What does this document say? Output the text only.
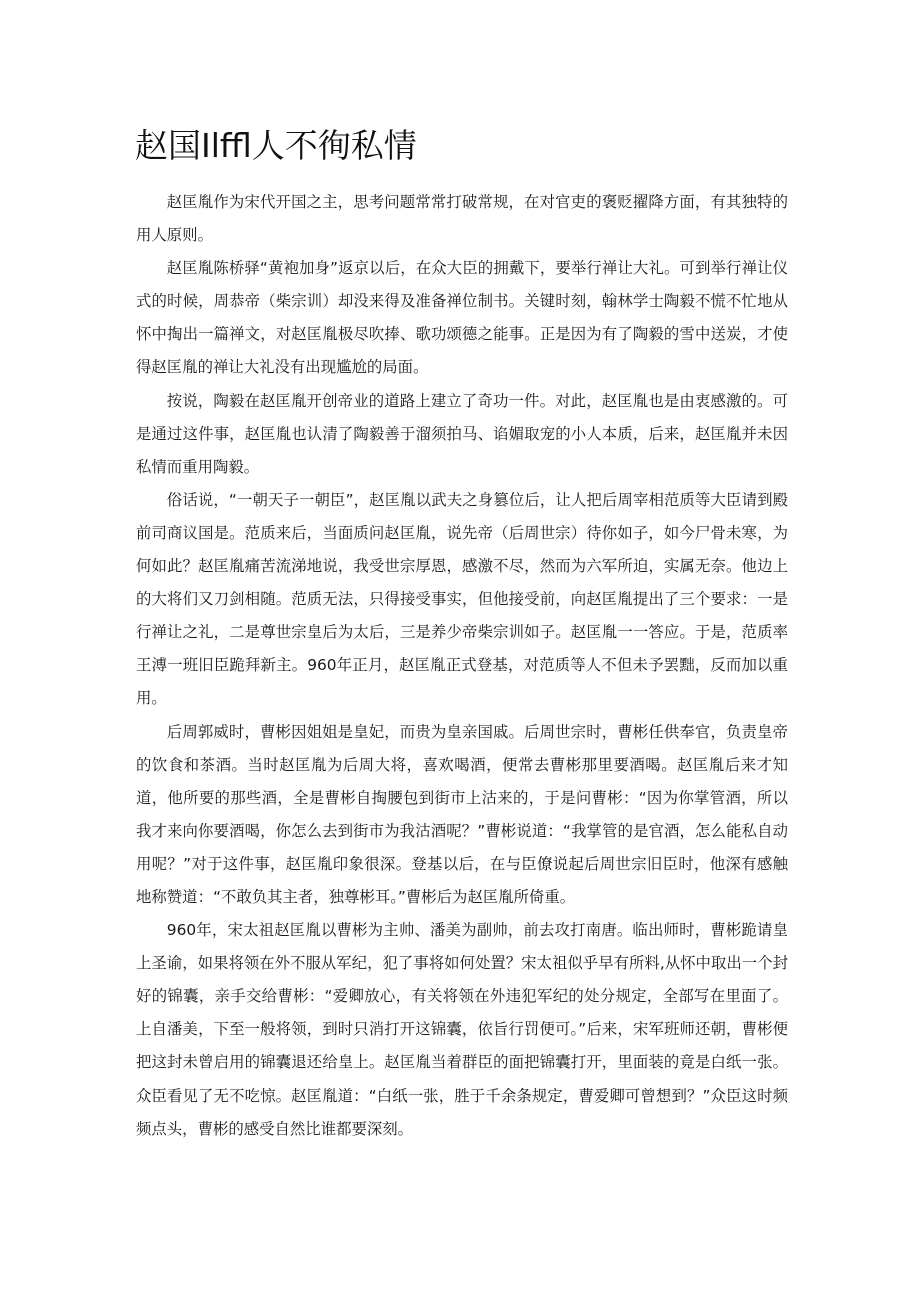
赵国Ilffl人不徇私情

赵匡胤作为宋代开国之主，思考问题常常打破常规，在对官吏的褒贬擢降方面，有其独特的用人原则。

赵匡胤陈桥驿“黄袍加身”返京以后，在众大臣的拥戴下，要举行禅让大礼。可到举行禅让仪式的时候，周恭帝（柴宗训）却没来得及准备禅位制书。关键时刻，翰林学士陶毅不慌不忙地从怀中掏出一篇禅文，对赵匡胤极尽吹捧、歌功颂德之能事。正是因为有了陶毅的雪中送炭，才使得赵匡胤的禅让大礼没有出现尴尬的局面。

按说，陶毅在赵匡胤开创帝业的道路上建立了奇功一件。对此，赵匡胤也是由衷感激的。可是通过这件事，赵匡胤也认清了陶毅善于溜须拍马、谄媚取宠的小人本质，后来，赵匡胤并未因私情而重用陶毅。

俗话说，“一朝天子一朝臣”，赵匡胤以武夫之身篡位后，让人把后周宰相范质等大臣请到殿前司商议国是。范质来后，当面质问赵匡胤，说先帝（后周世宗）待你如子，如今尸骨未寒，为何如此？赵匡胤痛苦流涕地说，我受世宗厚恩，感激不尽，然而为六军所迫，实属无奈。他边上的大将们又刀剑相随。范质无法，只得接受事实，但他接受前，向赵匡胤提出了三个要求：一是行禅让之礼，二是尊世宗皇后为太后，三是养少帝柴宗训如子。赵匡胤一一答应。于是，范质率王溥一班旧臣跪拜新主。960年正月，赵匡胤正式登基，对范质等人不但未予罢黜，反而加以重用。

后周郭威时，曹彬因姐姐是皇妃，而贵为皇亲国戚。后周世宗时，曹彬任供奉官，负责皇帝的饮食和茶酒。当时赵匡胤为后周大将，喜欢喝酒，便常去曹彬那里要酒喝。赵匡胤后来才知道，他所要的那些酒，全是曹彬自掏腰包到街市上沽来的，于是问曹彬：“因为你掌管酒，所以我才来向你要酒喝，你怎么去到街市为我沽酒呢？”曹彬说道：“我掌管的是官酒，怎么能私自动用呢？”对于这件事，赵匡胤印象很深。登基以后，在与臣僚说起后周世宗旧臣时，他深有感触地称赞道：“不敢负其主者，独尊彬耳。”曹彬后为赵匡胤所倚重。

960年，宋太祖赵匡胤以曹彬为主帅、潘美为副帅，前去攻打南唐。临出师时，曹彬跪请皇上圣谕，如果将领在外不服从军纪，犯了事将如何处置？宋太祖似乎早有所料,从怀中取出一个封好的锦囊，亲手交给曹彬：“爱卿放心，有关将领在外违犯军纪的处分规定，全部写在里面了。上自潘美，下至一般将领，到时只消打开这锦囊，依旨行罚便可。”后来，宋军班师还朝，曹彬便把这封未曾启用的锦囊退还给皇上。赵匡胤当着群臣的面把锦囊打开，里面装的竟是白纸一张。众臣看见了无不吃惊。赵匡胤道：“白纸一张，胜于千余条规定，曹爱卿可曾想到？”众臣这时频频点头，曹彬的感受自然比谁都要深刻。
